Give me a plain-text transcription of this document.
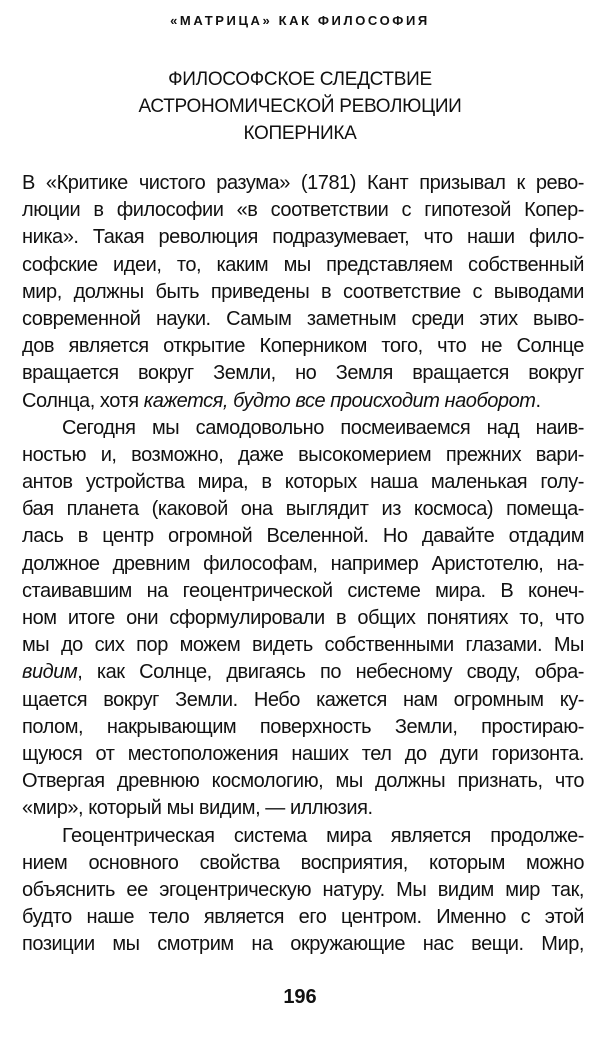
«МАТРИЦА» КАК ФИЛОСОФИЯ
ФИЛОСОФСКОЕ СЛЕДСТВИЕ
АСТРОНОМИЧЕСКОЙ РЕВОЛЮЦИИ
КОПЕРНИКА
В «Критике чистого разума» (1781) Кант призывал к рево-
люции в философии «в соответствии с гипотезой Копер-
ника». Такая революция подразумевает, что наши фило-
софские идеи, то, каким мы представляем собственный
мир, должны быть приведены в соответствие с выводами
современной науки. Самым заметным среди этих выво-
дов является открытие Коперником того, что не Солнце
вращается вокруг Земли, но Земля вращается вокруг
Солнца, хотя кажется, будто все происходит наоборот.
Сегодня мы самодовольно посмеиваемся над наив-
ностью и, возможно, даже высокомерием прежних вари-
антов устройства мира, в которых наша маленькая голу-
бая планета (каковой она выглядит из космоса) помеща-
лась в центр огромной Вселенной. Но давайте отдадим
должное древним философам, например Аристотелю, на-
стаивавшим на геоцентрической системе мира. В конеч-
ном итоге они сформулировали в общих понятиях то, что
мы до сих пор можем видеть собственными глазами. Мы
видим, как Солнце, двигаясь по небесному своду, обра-
щается вокруг Земли. Небо кажется нам огромным ку-
полом, накрывающим поверхность Земли, простираю-
щуюся от местоположения наших тел до дуги горизонта.
Отвергая древнюю космологию, мы должны признать, что
«мир», который мы видим, — иллюзия.
Геоцентрическая система мира является продолже-
нием основного свойства восприятия, которым можно
объяснить ее эгоцентрическую натуру. Мы видим мир так,
будто наше тело является его центром. Именно с этой
позиции мы смотрим на окружающие нас вещи. Мир,
196
